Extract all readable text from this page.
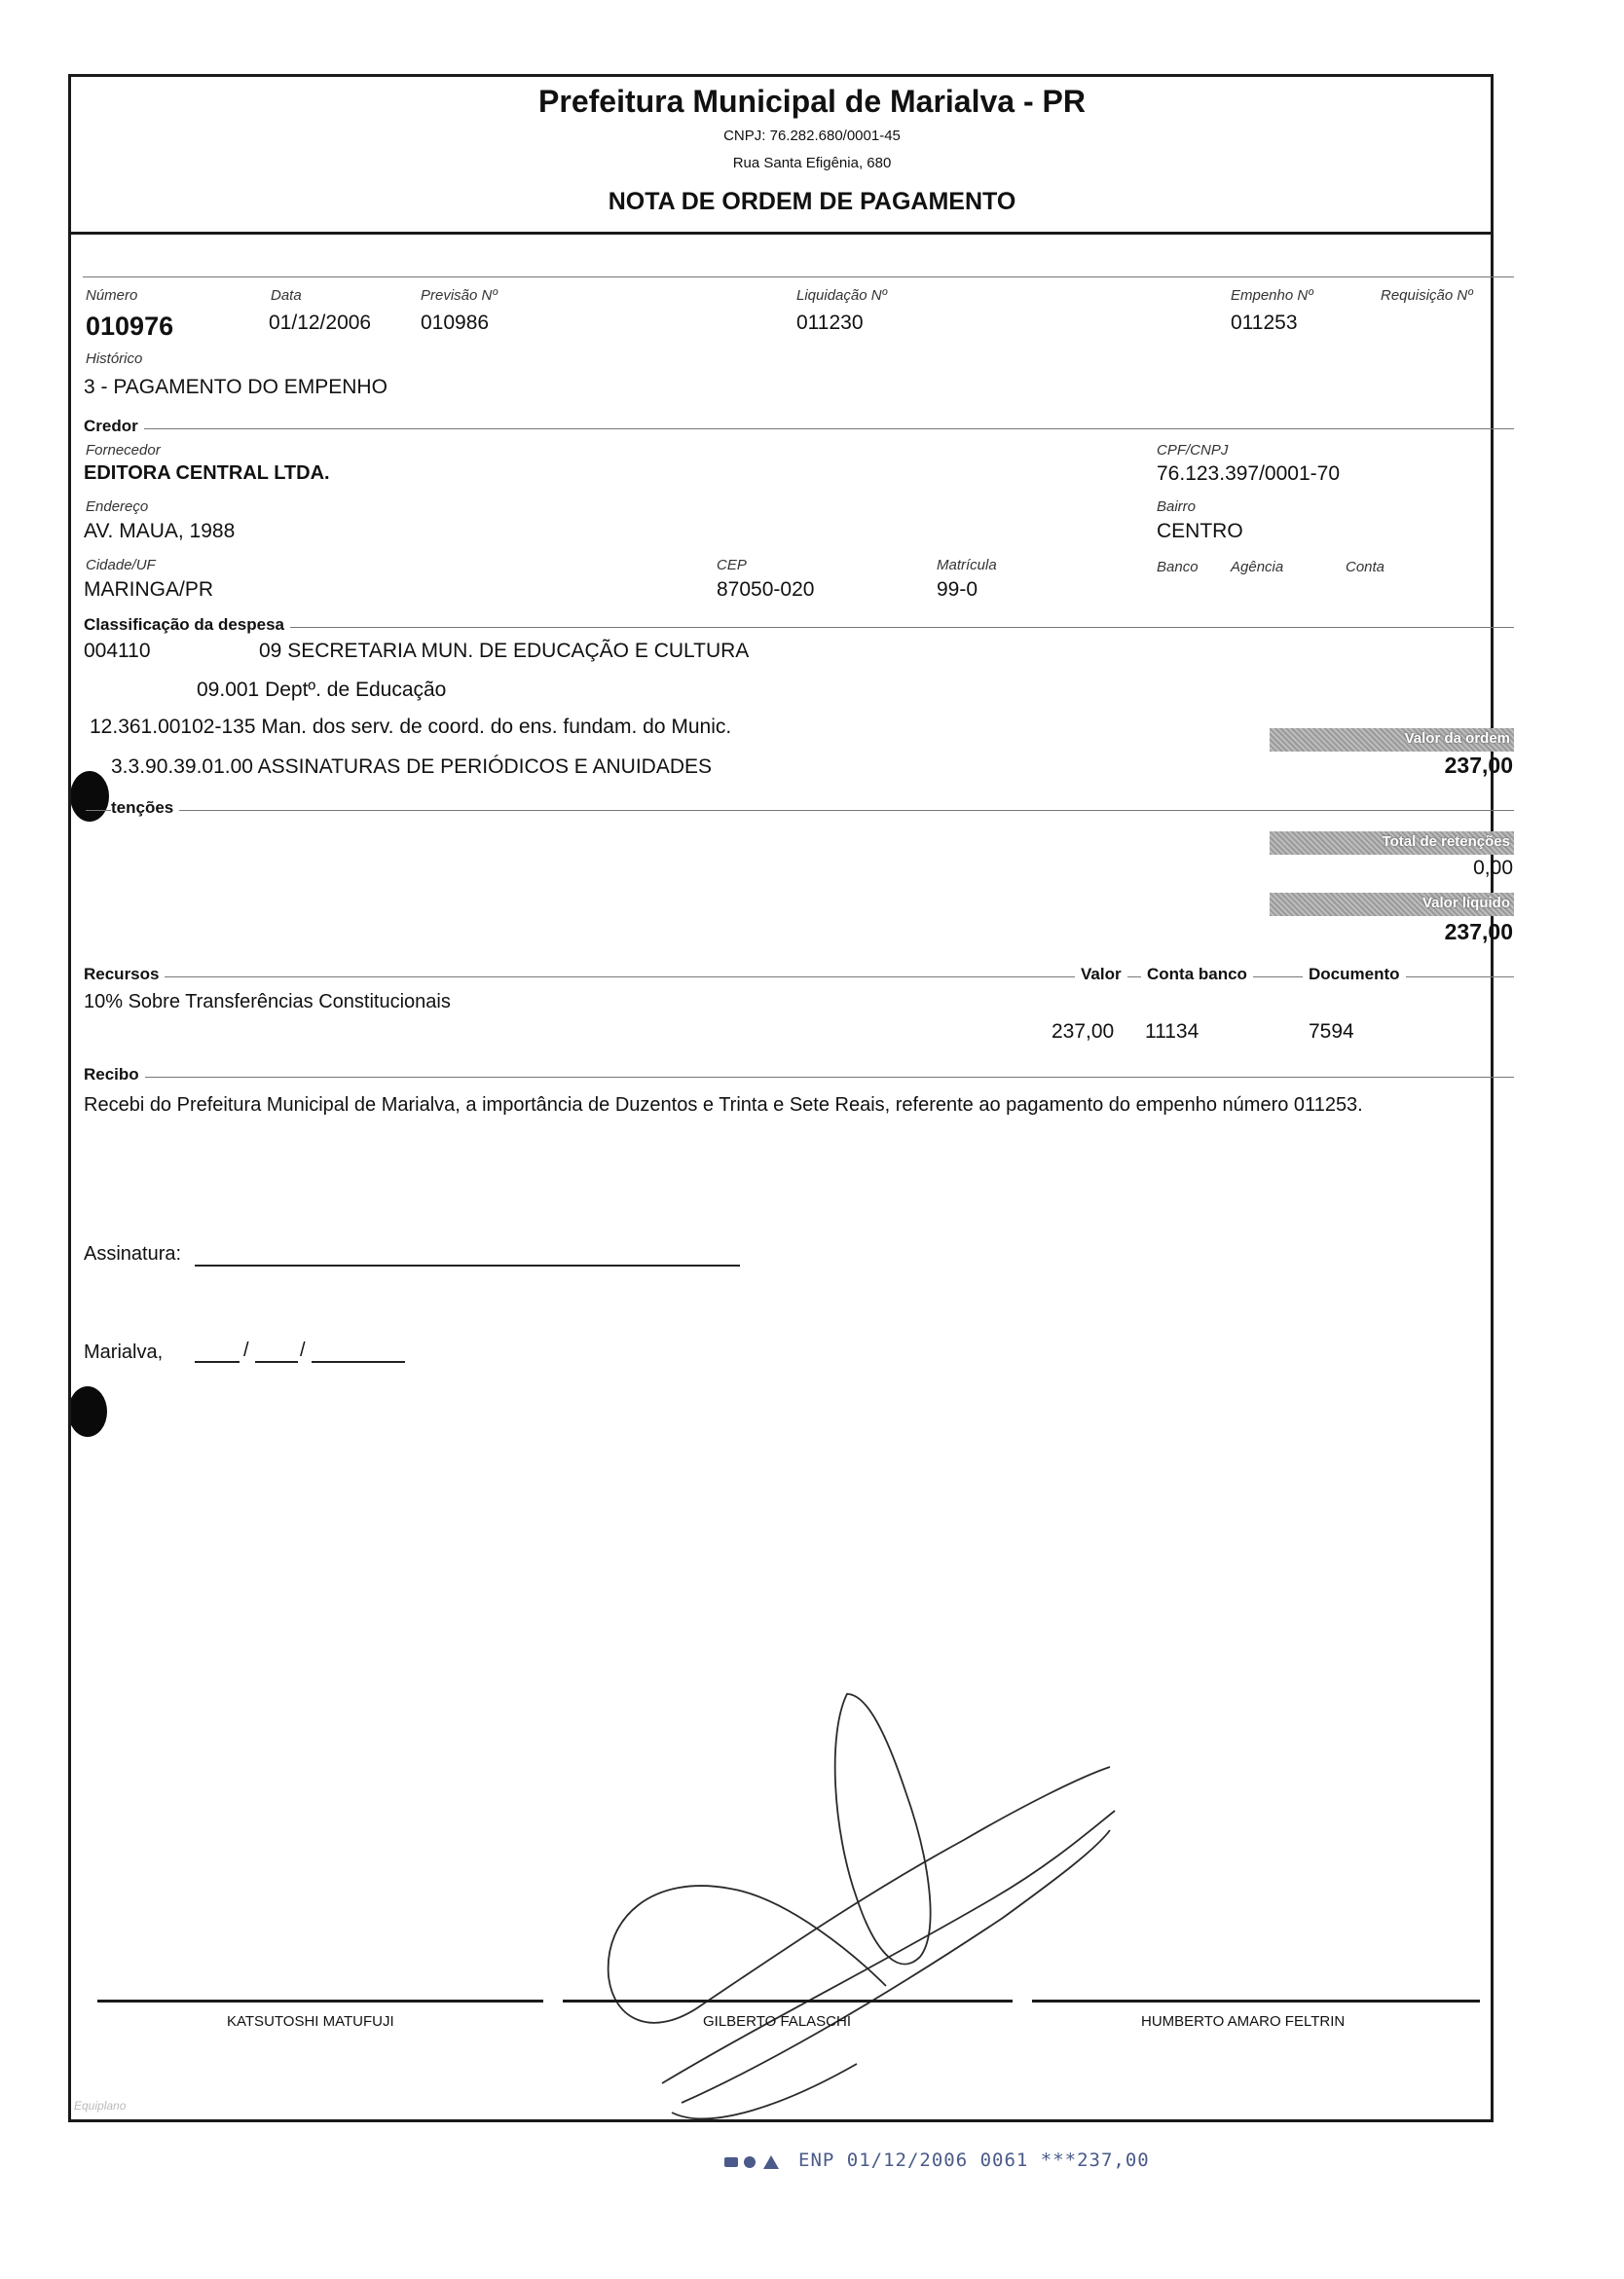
Prefeitura Municipal de Marialva - PR
CNPJ: 76.282.680/0001-45
Rua Santa Efigênia, 680
NOTA DE ORDEM DE PAGAMENTO
Número
010976
Data
01/12/2006
Previsão Nº
010986
Liquidação Nº
011230
Empenho Nº
011253
Requisição Nº
Histórico
3 - PAGAMENTO DO EMPENHO
Credor
Fornecedor
EDITORA CENTRAL LTDA.
CPF/CNPJ
76.123.397/0001-70
Endereço
AV. MAUA, 1988
Bairro
CENTRO
Cidade/UF
MARINGA/PR
CEP
87050-020
Matrícula
99-0
Banco Agência	Conta
Classificação da despesa
004110	09 SECRETARIA MUN. DE EDUCAÇÃO E CULTURA
09.001 Deptº. de Educação
12.361.00102-135 Man. dos serv. de coord. do ens. fundam. do Munic.
3.3.90.39.01.00 ASSINATURAS DE PERIÓDICOS E ANUIDADES
Valor da ordem
237,00
tenções
Total de retenções
0,00
Valor líquido
237,00
Recursos	Valor	Conta banco	Documento
10% Sobre Transferências Constitucionais
237,00 11134	7594
Recibo
Recebi do Prefeitura Municipal de Marialva, a importância de Duzentos e Trinta e Sete Reais, referente ao pagamento do empenho número 011253.
Assinatura:
Marialva,	/	/
KATSUTOSHI MATUFUJI	GILBERTO FALASCHI	HUMBERTO AMARO FELTRIN
Equiplano
ENP 01/12/2006 0061 ***237,00
